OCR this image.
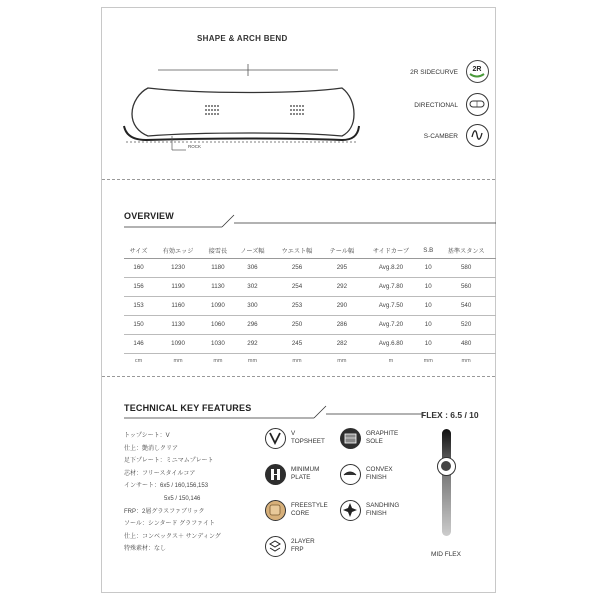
SHAPE & ARCH BEND
ROCK
2R SIDECURVE 2R
DIRECTIONAL
S-CAMBER
OVERVIEW
サイズ	有効エッジ	接雪長	ノーズ幅	ウエスト幅	テール幅	サイドカーブ	S.B	基準スタンス
160	1230	1180	306	256	295	Avg.8.20	10	580
156	1190	1130	302	254	292	Avg.7.80	10	560
153	1160	1090	300	253	290	Avg.7.50	10	540
150	1130	1060	296	250	286	Avg.7.20	10	520
146	1090	1030	292	245	282	Avg.6.80	10	480
cm	mm	mm	mm	mm	mm	m	mm	mm
TECHNICAL KEY FEATURES
トップシート：V
仕上：艶消しクリア
足下プレート：ミニマムプレート
芯材：フリースタイルコア
インサート：6x5 / 160,156,153
5x5 / 150,146
FRP：2層グラスファブリック
ソール：シンタード グラファイト
仕上：コンベックス＋ サンディング
特殊素材：なし
V
TOPSHEET
GRAPHITE
SOLE
MINIMUM
PLATE
CONVEX
FINISH
FREESTYLE
CORE
SANDHING
FINISH
2LAYER
FRP
FLEX : 6.5 / 10
MID FLEX
